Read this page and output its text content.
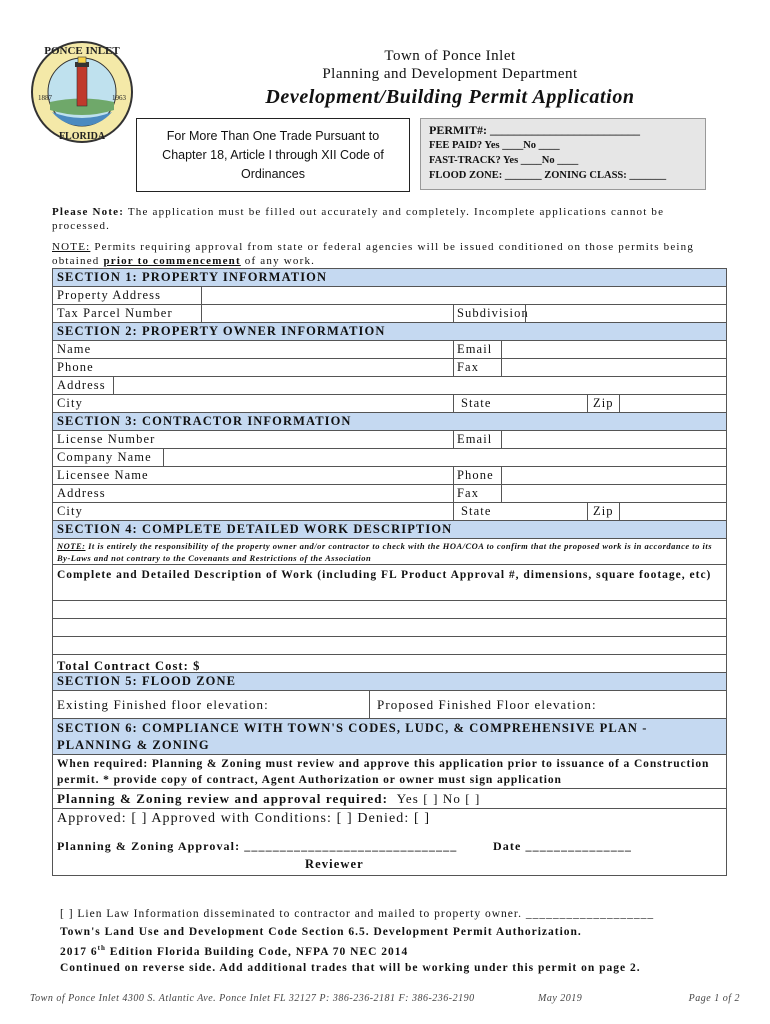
PONCE INLET
FLORIDA
1887	1963
Town of Ponce Inlet
Planning and Development Department
Development/Building Permit Application
For More Than One Trade Pursuant to
Chapter 18, Article I through XII Code of
Ordinances
PERMIT#: _________________________
FEE PAID? Yes ____No ____
FAST-TRACK? Yes ____No ____
FLOOD ZONE: _______ ZONING CLASS: _______
Please Note: The application must be filled out accurately and completely. Incomplete applications cannot be processed.
NOTE: Permits requiring approval from state or federal agencies will be issued conditioned on those permits being obtained prior to commencement of any work.
SECTION 1: PROPERTY INFORMATION
Property Address
Tax Parcel Number	Subdivision
SECTION 2: PROPERTY OWNER INFORMATION
Name	Email
Phone	Fax
Address
City	State	Zip
SECTION 3: CONTRACTOR INFORMATION
License Number	Email
Company Name
Licensee Name	Phone
Address	Fax
City	State	Zip
SECTION 4: COMPLETE DETAILED WORK DESCRIPTION
NOTE: It is entirely the responsibility of the property owner and/or contractor to check with the HOA/COA to confirm that the proposed work is in accordance to its By-Laws and not contrary to the Covenants and Restrictions of the Association
Complete and Detailed Description of Work (including FL Product Approval #, dimensions, square footage, etc)
Total Contract Cost: $
SECTION 5: FLOOD ZONE
Existing Finished floor elevation:	Proposed Finished Floor elevation:
SECTION 6: COMPLIANCE WITH TOWN'S CODES, LUDC, & COMPREHENSIVE PLAN - PLANNING & ZONING
When required: Planning & Zoning must review and approve this application prior to issuance of a Construction permit. * provide copy of contract, Agent Authorization or owner must sign application
Planning & Zoning review and approval required: Yes [ ] No [ ]
Approved: [ ] Approved with Conditions: [ ] Denied: [ ]
Planning & Zoning Approval: ______________________________	Date _______________
Reviewer
[ ] Lien Law Information disseminated to contractor and mailed to property owner. ___________________
Town's Land Use and Development Code Section 6.5. Development Permit Authorization.
2017 6th Edition Florida Building Code, NFPA 70 NEC 2014
Continued on reverse side. Add additional trades that will be working under this permit on page 2.
Town of Ponce Inlet 4300 S. Atlantic Ave. Ponce Inlet FL 32127 P: 386-236-2181 F: 386-236-2190	May 2019	Page 1 of 2
